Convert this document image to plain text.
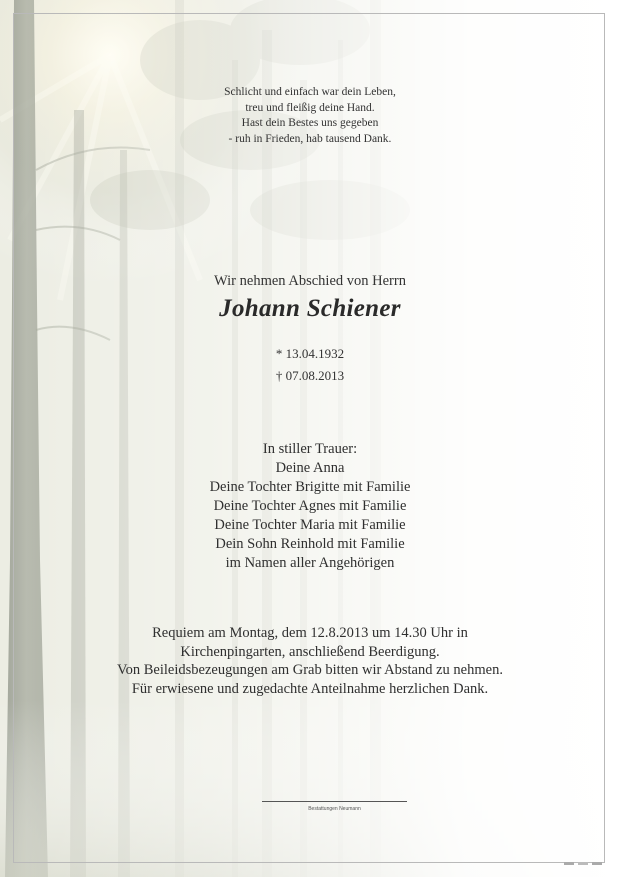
Schlicht und einfach war dein Leben,
treu und fleißig deine Hand.
Hast dein Bestes uns gegeben
- ruh in Frieden, hab tausend Dank.
Wir nehmen Abschied von Herrn
Johann Schiener
* 13.04.1932
† 07.08.2013
In stiller Trauer:
Deine Anna
Deine Tochter Brigitte mit Familie
Deine Tochter Agnes mit Familie
Deine Tochter Maria mit Familie
Dein Sohn Reinhold mit Familie
im Namen aller Angehörigen
Requiem am Montag, dem 12.8.2013 um 14.30 Uhr in
Kirchenpingarten, anschließend Beerdigung.
Von Beileidsbezeugungen am Grab bitten wir Abstand zu nehmen.
Für erwiesene und zugedachte Anteilnahme herzlichen Dank.
Bestattungen Neumann
